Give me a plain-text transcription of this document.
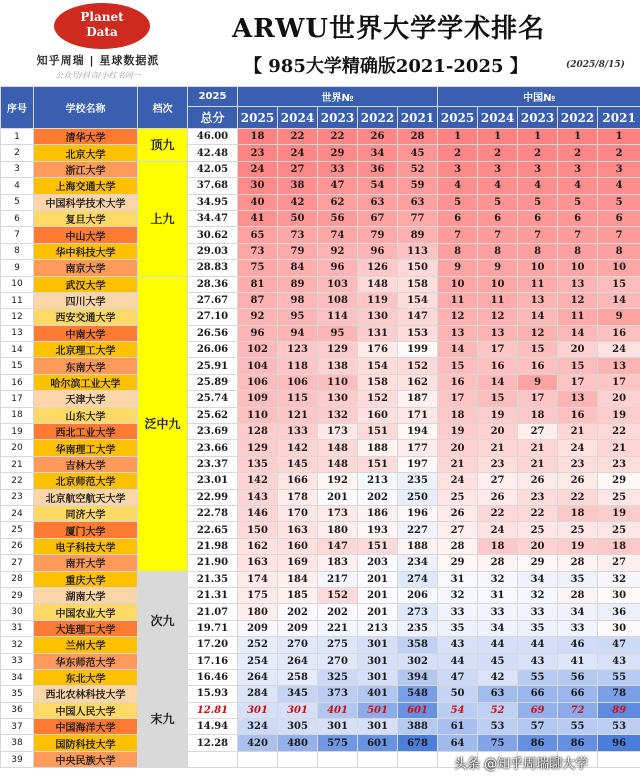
Planet
Data
知乎周瑞 | 星球数据派
公众号/抖音/小红书同一
ARWU世界大学学术排名
【 985大学精确版2021-2025 】	(2025/8/15)
序号	学校名称	档次	2025	世界№					中国№				
			总分	2025	2024	2023	2022	2021	2025	2024	2023	2022	2021
1	清华大学	顶九	46.00	18	22	22	26	28	1	1	1	1	1
2	北京大学		42.48	23	24	29	34	45	2	2	2	2	2
3	浙江大学	上九	42.05	24	27	33	36	52	3	3	3	3	3
4	上海交通大学		37.68	30	38	47	54	59	4	4	4	4	4
5	中国科学技术大学		34.95	40	42	62	63	63	5	5	5	5	5
6	复旦大学		34.47	41	50	56	67	77	6	6	6	6	6
7	中山大学		30.62	65	73	74	79	89	7	7	7	7	7
8	华中科技大学		29.03	73	79	92	96	113	8	8	8	8	8
9	南京大学		28.83	75	84	96	126	150	9	9	10	10	10
10	武汉大学	泛中九	28.36	81	89	103	148	158	10	10	11	13	15
11	四川大学		27.67	87	98	108	119	154	11	11	13	12	14
12	西安交通大学		27.10	92	95	114	130	147	12	12	14	11	9
13	中南大学		26.56	96	94	95	131	153	13	13	12	14	16
14	北京理工大学		26.06	102	123	129	176	199	14	17	15	20	24
15	东南大学		25.91	104	118	138	154	152	15	16	16	15	13
16	哈尔滨工业大学		25.89	106	106	110	158	162	16	14	9	17	17
17	天津大学		25.74	109	115	130	152	187	17	15	17	13	20
18	山东大学		25.62	110	121	132	160	171	18	19	18	16	19
19	西北工业大学		23.69	128	133	173	151	194	19	20	27	21	22
20	华南理工大学		23.66	129	142	148	188	177	20	21	21	24	21
21	吉林大学		23.37	135	145	148	151	197	21	23	21	23	23
22	北京师范大学		23.01	142	166	192	213	235	24	27	26	26	29
23	北京航空航天大学		22.99	143	178	201	202	250	25	26	23	22	25
24	同济大学		22.78	146	170	173	186	196	26	22	22	18	19
25	厦门大学		22.65	150	163	180	193	227	27	24	25	25	25
26	电子科技大学		21.98	162	160	147	151	188	28	18	20	19	18
27	南开大学		21.90	163	169	183	203	234	29	28	29	28	27
28	重庆大学	次九	21.35	174	184	217	201	274	31	32	34	35	32
29	湖南大学		21.31	175	185	152	201	206	32	31	32	28	30
30	中国农业大学		21.07	180	202	202	201	273	33	33	33	34	36
31	大连理工大学		19.71	209	209	221	213	235	35	34	35	33	30
32	兰州大学		17.20	252	270	275	301	358	43	44	44	46	47
33	华东师范大学		17.16	254	264	270	301	302	44	45	43	41	43
34	东北大学	末九	16.46	264	258	325	301	394	47	42	55	56	55
35	西北农林科技大学		15.93	284	345	373	401	548	50	63	66	66	78
36	中国人民大学		12.81	301	301	401	501	601	54	52	69	72	89
37	中国海洋大学		14.94	324	305	301	301	388	61	53	57	55	53
38	国防科技大学		12.28	420	480	575	601	678	64	75	86	86	96
39	中央民族大学													头条 @知乎周瑞聊大学
